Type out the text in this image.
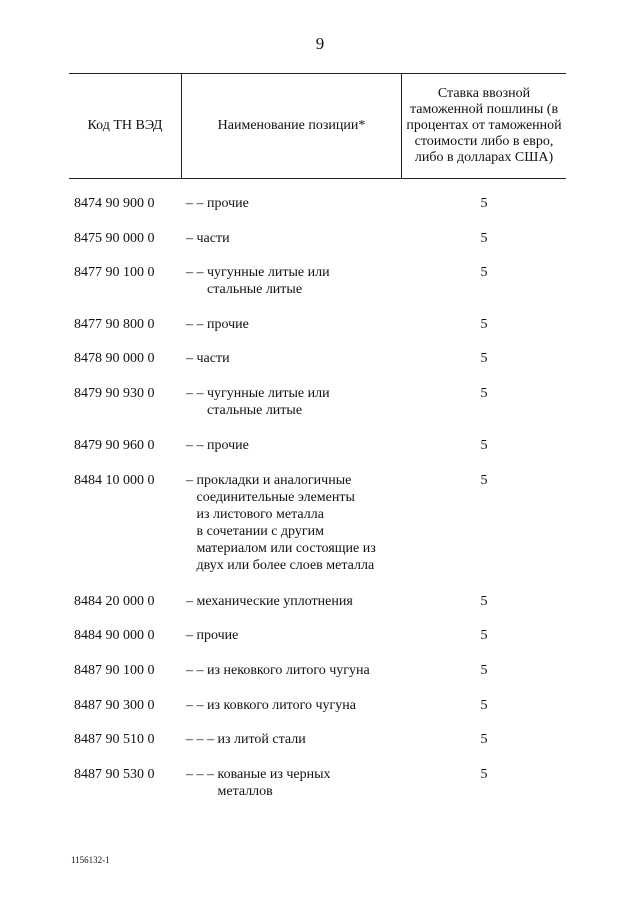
9
Код ТН ВЭД	Наименование позиции*
Ставка ввозной таможенной пошлины (в процентах от таможенной стоимости либо в евро, либо в долларах США)
8474 90 900 0 – – прочие	5
8475 90 000 0 – части	5
8477 90 100 0 – – чугунные литые или
стальные литые
5
8477 90 800 0 – – прочие	5
8478 90 000 0 – части	5
8479 90 930 0 – – чугунные литые или
стальные литые
5
8479 90 960 0 – – прочие	5
8484 10 000 0 – прокладки и аналогичные
соединительные элементы
из листового металла
в сочетании с другим
материалом или состоящие из
двух или более слоев металла
5
8484 20 000 0 – механические уплотнения	5
8484 90 000 0 – прочие	5
8487 90 100 0 – – из нековкого литого чугуна	5
8487 90 300 0 – – из ковкого литого чугуна	5
8487 90 510 0 – – – из литой стали	5
8487 90 530 0 – – – кованые из черных
металлов
5
1156132-1
